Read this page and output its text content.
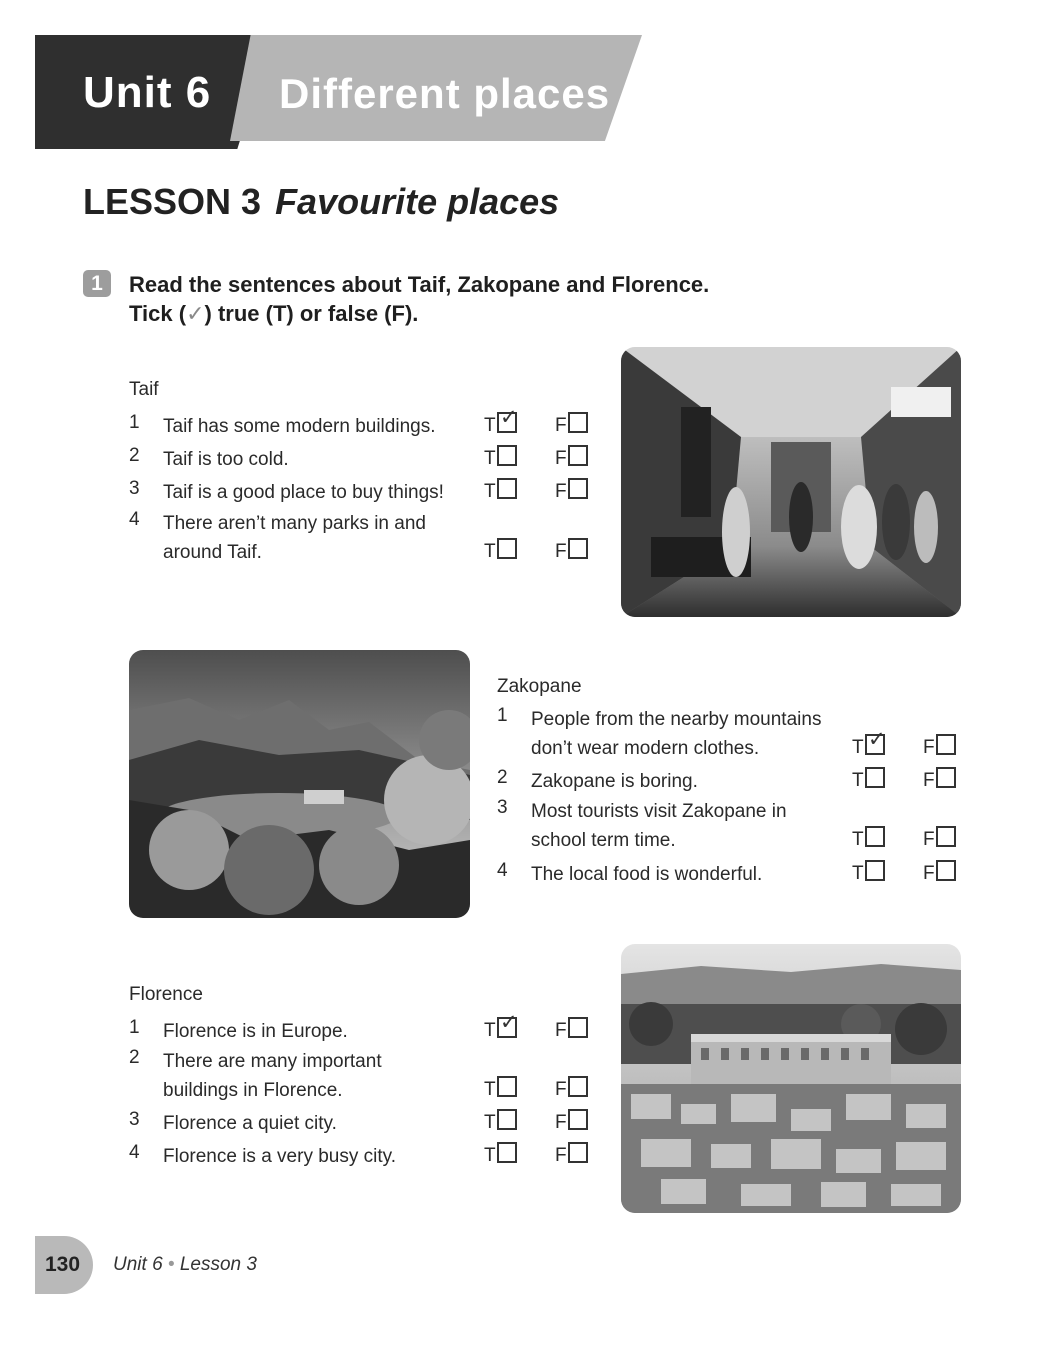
Unit 6 Different places
LESSON 3 Favourite places
1	Read the sentences about Taif, Zakopane and Florence.
Tick (✓) true (T) or false (F).
Taif
1 Taif has some modern buildings.	T ✓ F
2 Taif is too cold.	T	F
3 Taif is a good place to buy things! T	F
4 There aren’t many parks in and
around Taif.	T	F
Zakopane
1 People from the nearby mountains
don’t wear modern clothes.	T ✓ F
2 Zakopane is boring.	T	F
3 Most tourists visit Zakopane in
school term time.	T	F
4 The local food is wonderful.	T	F
Florence
1 Florence is in Europe.	T ✓ F
2 There are many important
buildings in Florence.	T	F
3 Florence a quiet city.	T	F
4 Florence is a very busy city.	T	F
130 Unit 6 • Lesson 3
